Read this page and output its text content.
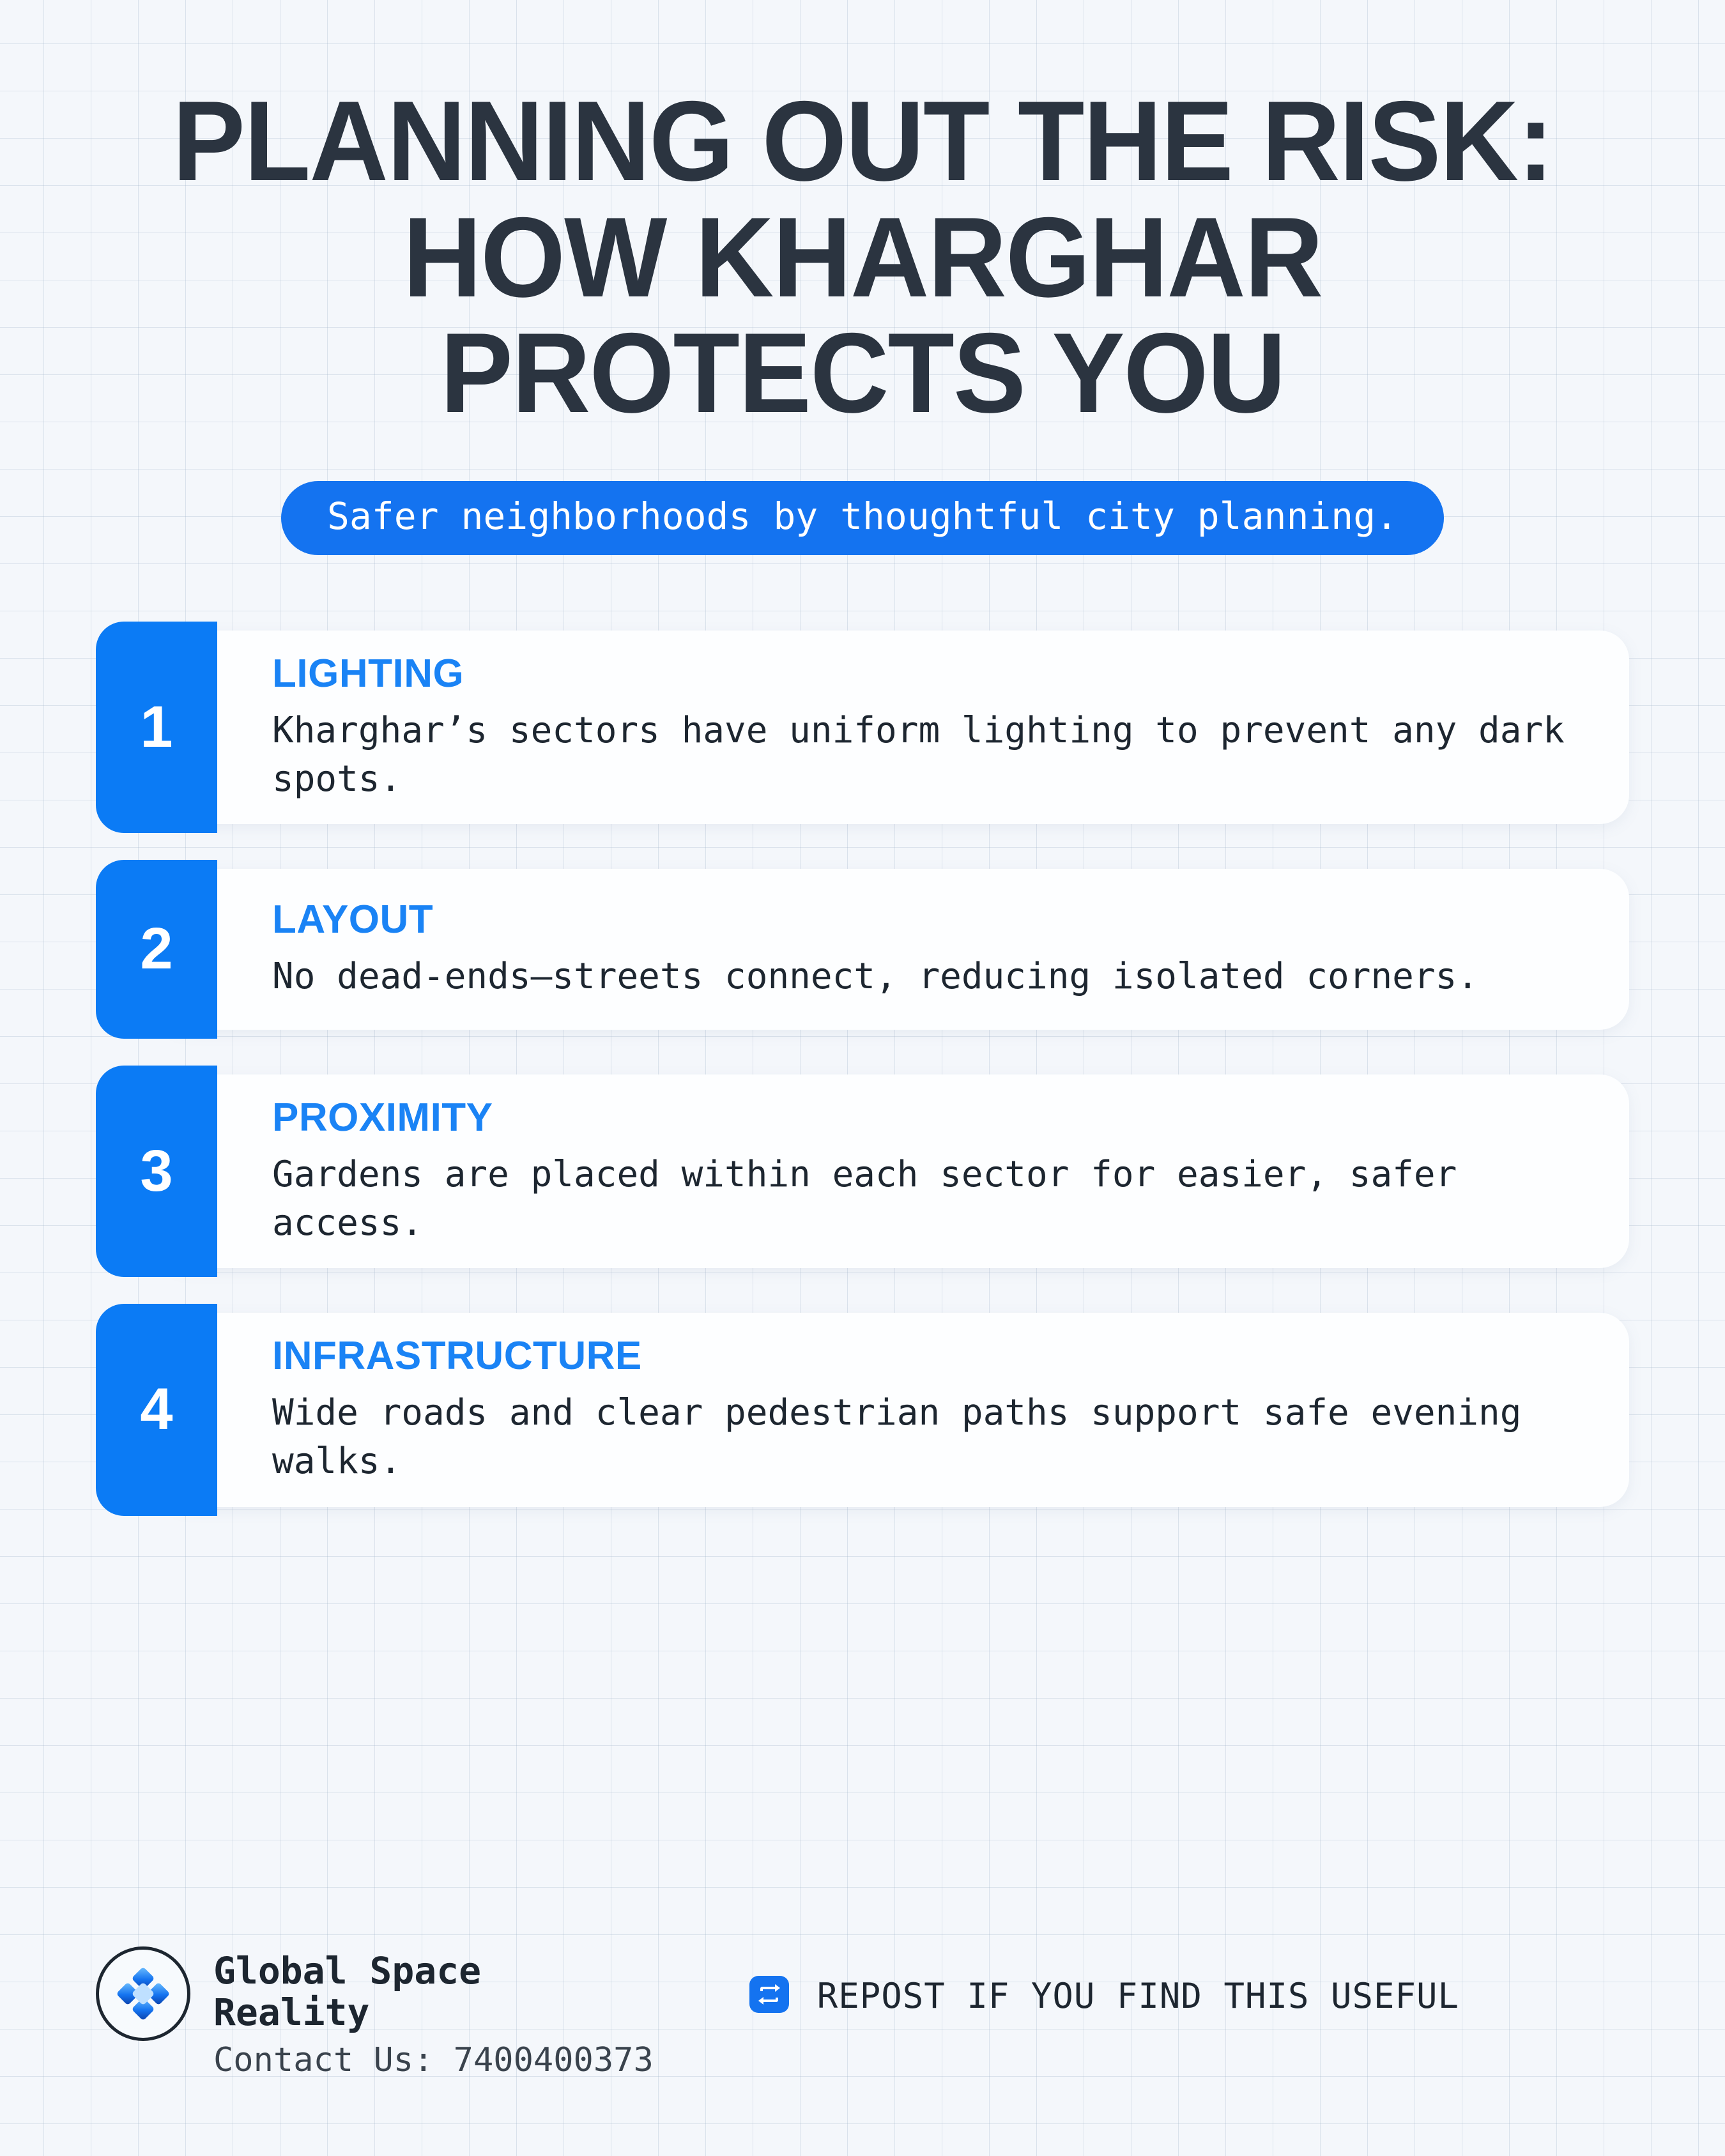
PLANNING OUT THE RISK: HOW KHARGHAR PROTECTS YOU
Safer neighborhoods by thoughtful city planning.
1
LIGHTING
Kharghar’s sectors have uniform lighting to prevent any dark spots.
2	LAYOUT
No dead-ends—streets connect, reducing isolated corners.
3
PROXIMITY
Gardens are placed within each sector for easier, safer access.
4
INFRASTRUCTURE
Wide roads and clear pedestrian paths support safe evening walks.
Global Space Reality
Contact Us: 7400400373
REPOST IF YOU FIND THIS USEFUL
